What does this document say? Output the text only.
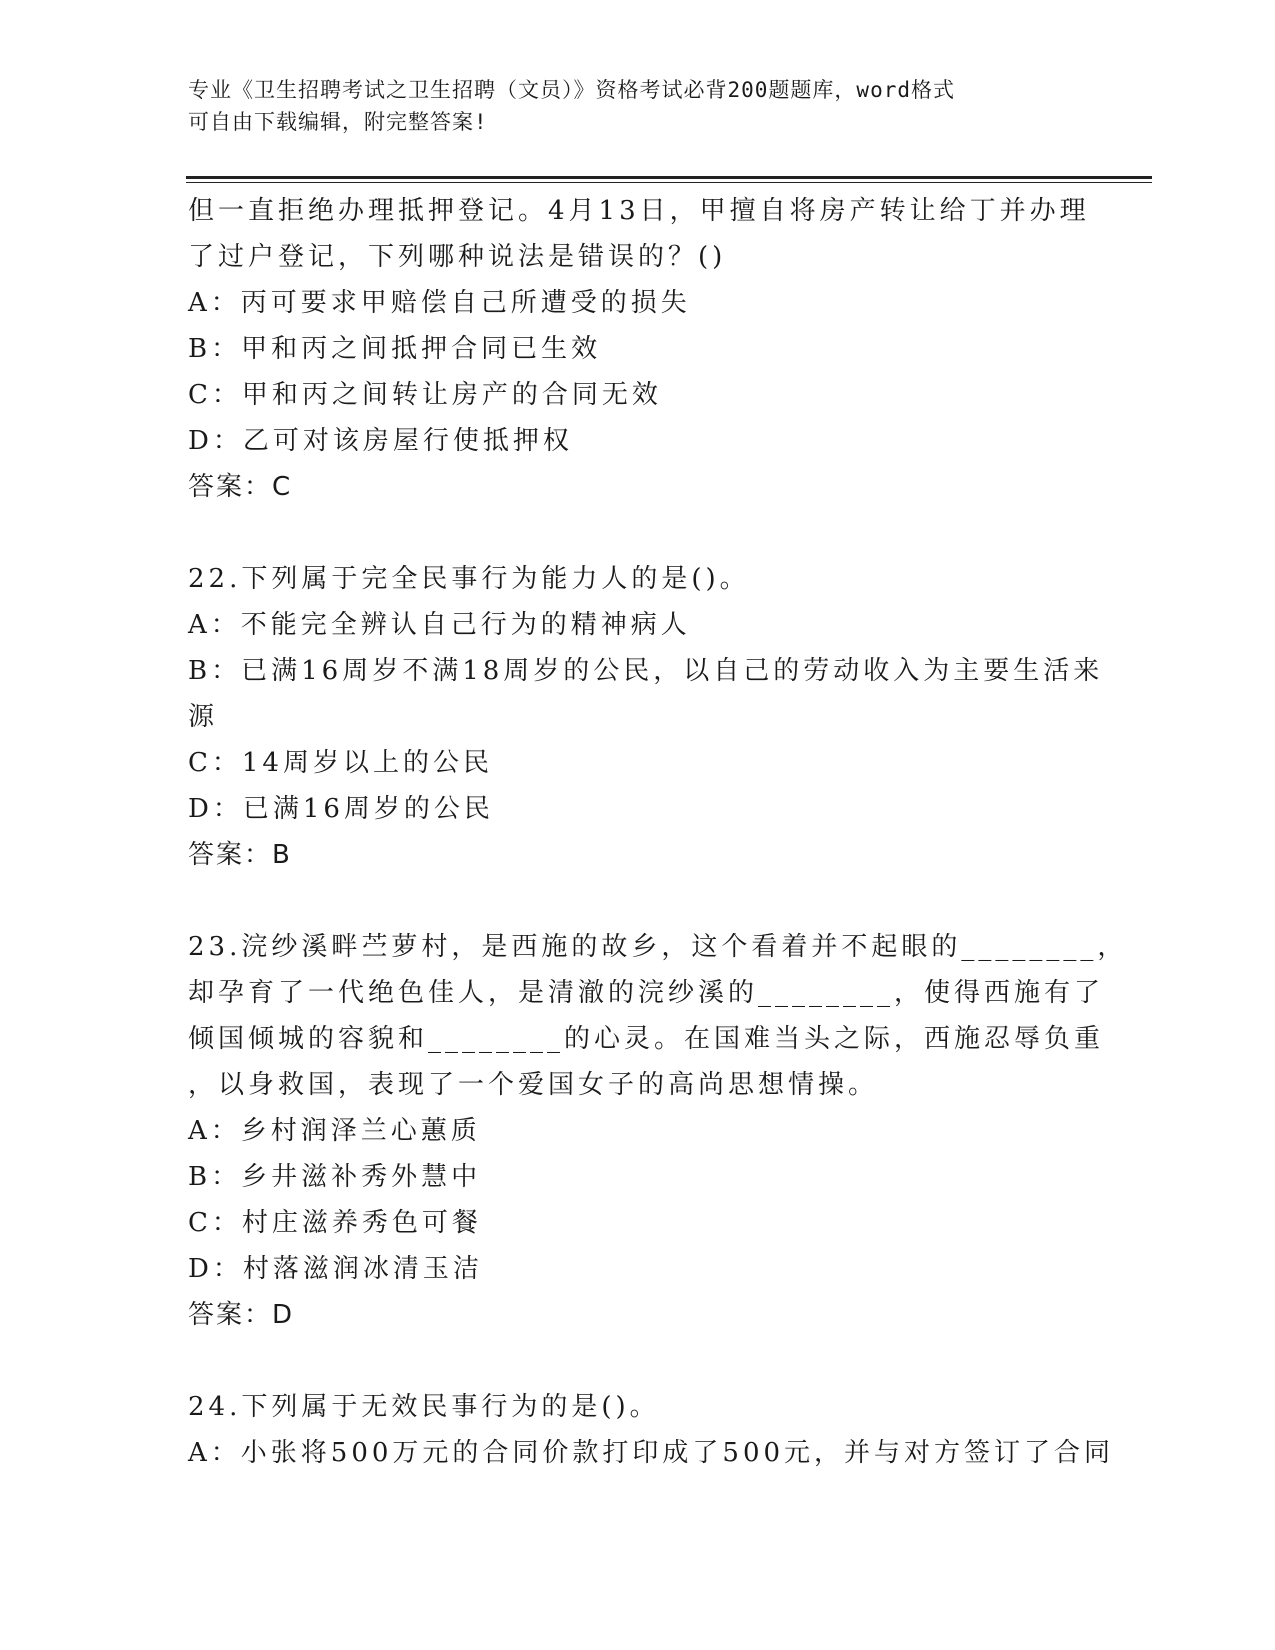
专业《卫生招聘考试之卫生招聘（文员）》资格考试必背200题题库，word格式
可自由下载编辑，附完整答案!
但一直拒绝办理抵押登记。4月13日，甲擅自将房产转让给丁并办理
了过户登记，下列哪种说法是错误的？()
A：丙可要求甲赔偿自己所遭受的损失
B：甲和丙之间抵押合同已生效
C：甲和丙之间转让房产的合同无效
D：乙可对该房屋行使抵押权
答案：C
22.下列属于完全民事行为能力人的是()。
A：不能完全辨认自己行为的精神病人
B：已满16周岁不满18周岁的公民，以自己的劳动收入为主要生活来
源
C：14周岁以上的公民
D：已满16周岁的公民
答案：B
23.浣纱溪畔苎萝村，是西施的故乡，这个看着并不起眼的________，
却孕育了一代绝色佳人，是清澈的浣纱溪的________，使得西施有了
倾国倾城的容貌和________的心灵。在国难当头之际，西施忍辱负重
，以身救国，表现了一个爱国女子的高尚思想情操。
A：乡村润泽兰心蕙质
B：乡井滋补秀外慧中
C：村庄滋养秀色可餐
D：村落滋润冰清玉洁
答案：D
24.下列属于无效民事行为的是()。
A：小张将500万元的合同价款打印成了500元，并与对方签订了合同
